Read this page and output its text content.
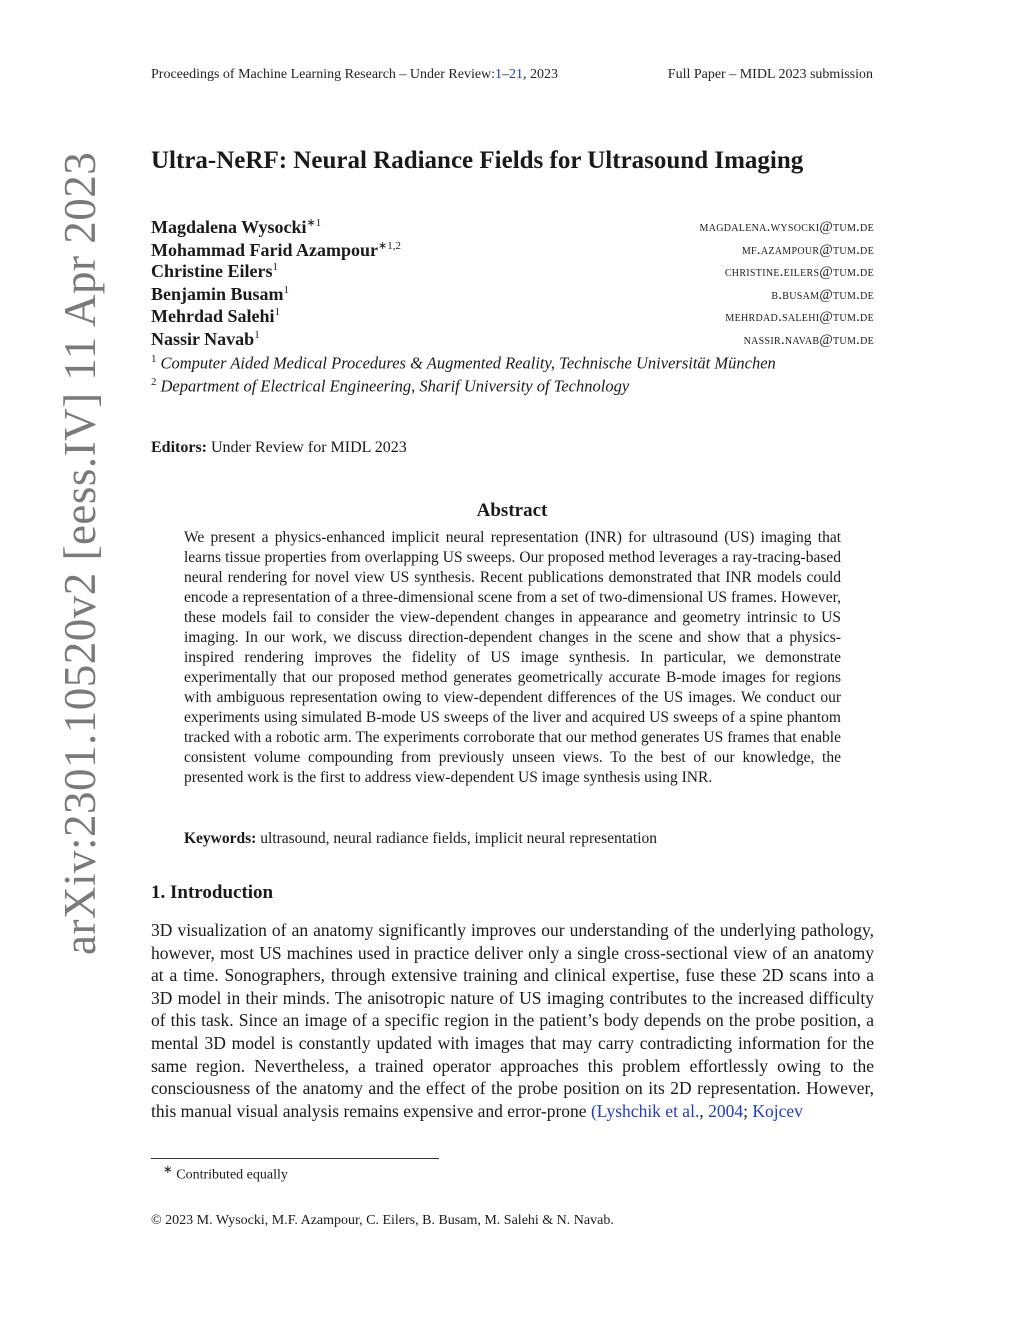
arXiv:2301.10520v2 [eess.IV] 11 Apr 2023
Proceedings of Machine Learning Research – Under Review:1–21, 2023	Full Paper – MIDL 2023 submission
Ultra-NeRF: Neural Radiance Fields for Ultrasound Imaging
Magdalena Wysocki$^{∗1}$	magdalena.wysocki@tum.de
Mohammad Farid Azampour$^{∗1,2}$	mf.azampour@tum.de
Christine Eilers$^1$	christine.eilers@tum.de
Benjamin Busam$^1$	b.busam@tum.de
Mehrdad Salehi$^1$	mehrdad.salehi@tum.de
Nassir Navab$^1$	nassir.navab@tum.de
$^1$ Computer Aided Medical Procedures & Augmented Reality, Technische Universität München
$^2$ Department of Electrical Engineering, Sharif University of Technology
Editors: Under Review for MIDL 2023
Abstract
We present a physics-enhanced implicit neural representation (INR) for ultrasound (US) imaging that learns tissue properties from overlapping US sweeps. Our proposed method leverages a ray-tracing-based neural rendering for novel view US synthesis. Recent publications demonstrated that INR models could encode a representation of a three-dimensional scene from a set of two-dimensional US frames. However, these models fail to consider the view-dependent changes in appearance and geometry intrinsic to US imaging. In our work, we discuss direction-dependent changes in the scene and show that a physics-inspired rendering improves the fidelity of US image synthesis. In particular, we demonstrate experimentally that our proposed method generates geometrically accurate B-mode images for regions with ambiguous representation owing to view-dependent differences of the US images. We conduct our experiments using simulated B-mode US sweeps of the liver and acquired US sweeps of a spine phantom tracked with a robotic arm. The experiments corroborate that our method generates US frames that enable consistent volume compounding from previously unseen views. To the best of our knowledge, the presented work is the first to address view-dependent US image synthesis using INR.
Keywords: ultrasound, neural radiance fields, implicit neural representation
1. Introduction
3D visualization of an anatomy significantly improves our understanding of the underlying pathology, however, most US machines used in practice deliver only a single cross-sectional view of an anatomy at a time. Sonographers, through extensive training and clinical expertise, fuse these 2D scans into a 3D model in their minds. The anisotropic nature of US imaging contributes to the increased difficulty of this task. Since an image of a specific region in the patient’s body depends on the probe position, a mental 3D model is constantly updated with images that may carry contradicting information for the same region. Nevertheless, a trained operator approaches this problem effortlessly owing to the consciousness of the anatomy and the effect of the probe position on its 2D representation. However, this manual visual analysis remains expensive and error-prone (Lyshchik et al., 2004; Kojcev
∗ Contributed equally
© 2023 M. Wysocki, M.F. Azampour, C. Eilers, B. Busam, M. Salehi & N. Navab.
